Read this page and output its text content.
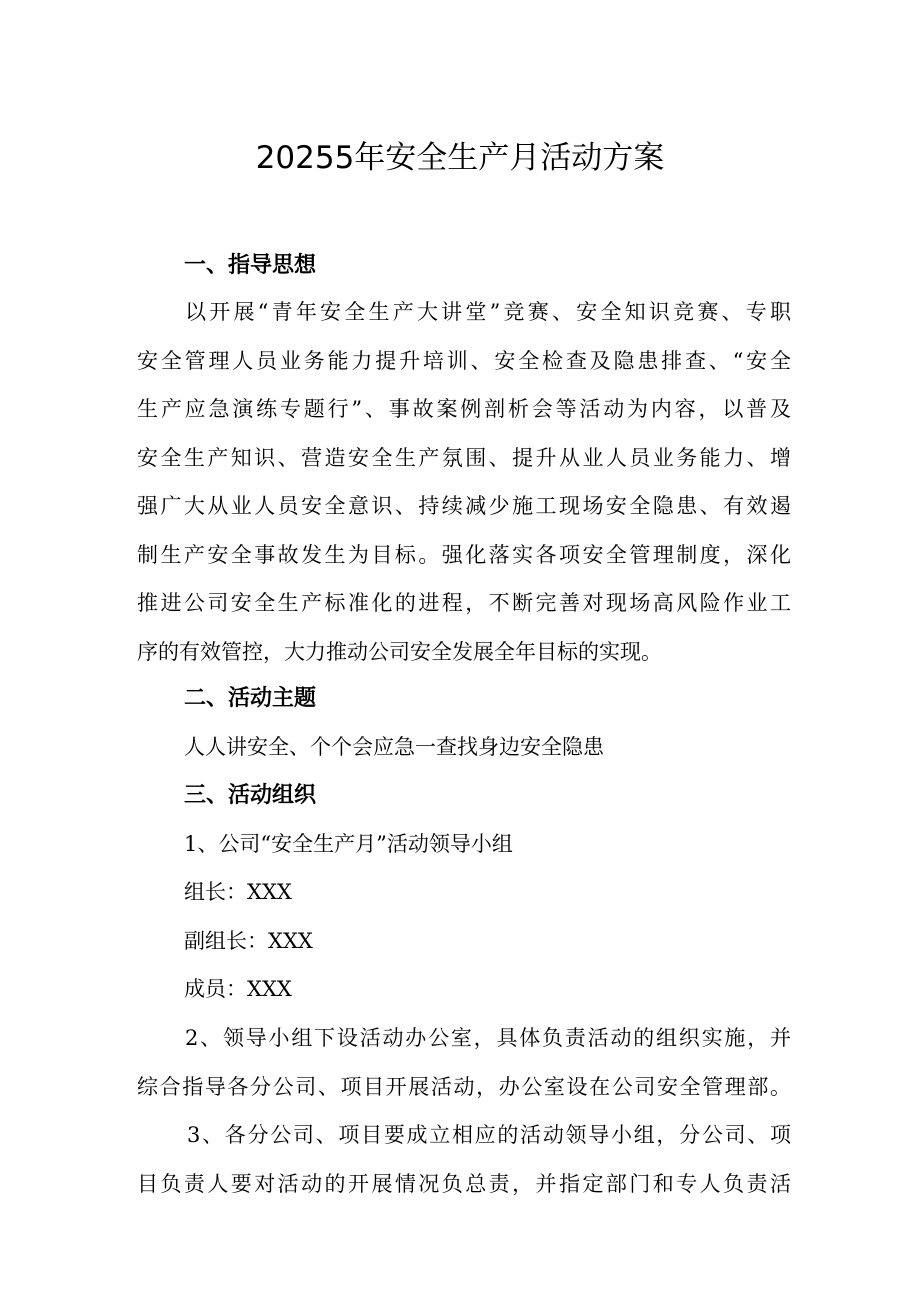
20255年安全生产月活动方案
一、指导思想
以开展“青年安全生产大讲堂”竞赛、安全知识竞赛、专职
安全管理人员业务能力提升培训、安全检查及隐患排查、“安全
生产应急演练专题行”、事故案例剖析会等活动为内容，以普及
安全生产知识、营造安全生产氛围、提升从业人员业务能力、增
强广大从业人员安全意识、持续减少施工现场安全隐患、有效遏
制生产安全事故发生为目标。强化落实各项安全管理制度，深化
推进公司安全生产标准化的进程，不断完善对现场高风险作业工
序的有效管控，大力推动公司安全发展全年目标的实现。
二、活动主题

人人讲安全、个个会应急一查找身边安全隐患

三、活动组织

1、公司“安全生产月”活动领导小组

组长：XXX

副组长：XXX

成员：XXX

2、领导小组下设活动办公室，具体负责活动的组织实施，并
综合指导各分公司、项目开展活动，办公室设在公司安全管理部。
3、各分公司、项目要成立相应的活动领导小组，分公司、项
目负责人要对活动的开展情况负总责，并指定部门和专人负责活
